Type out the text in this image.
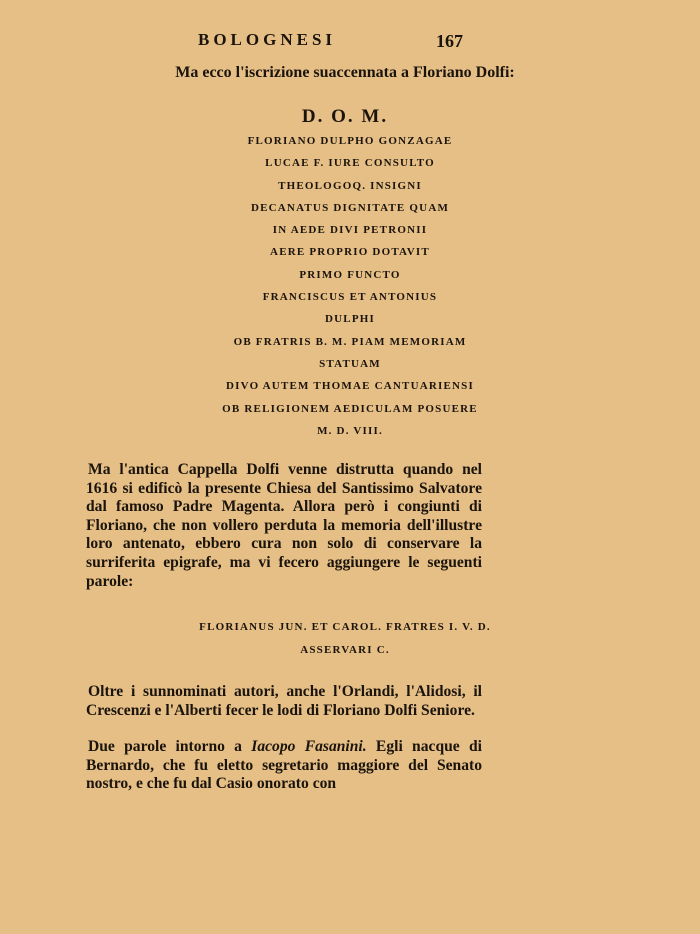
BOLOGNESI	167
Ma ecco l'iscrizione suaccennata a Floriano Dolfi:
D. O. M.
FLORIANO DULPHO GONZAGAE
LUCAE F. IURE CONSULTO
THEOLOGOQ. INSIGNI
DECANATUS DIGNITATE QUAM
IN AEDE DIVI PETRONII
AERE PROPRIO DOTAVIT
PRIMO FUNCTO
FRANCISCUS ET ANTONIUS
DULPHI
OB FRATRIS B. M. PIAM MEMORIAM
STATUAM
DIVO AUTEM THOMAE CANTUARIENSI
OB RELIGIONEM AEDICULAM POSUERE
M. D. VIII.

Ma l'antica Cappella Dolfi venne distrutta quando nel 1616 si edificò la presente Chiesa del Santissimo Salvatore dal famoso Padre Magenta. Allora però i congiunti di Floriano, che non vollero perduta la memoria dell'illustre loro antenato, ebbero cura non solo di conservare la surriferita epigrafe, ma vi fecero aggiungere le seguenti parole:

FLORIANUS JUN. ET CAROL. FRATRES I. V. D.
ASSERVARI C.

Oltre i sunnominati autori, anche l'Orlandi, l'Alidosi, il Crescenzi e l'Alberti fecer le lodi di Floriano Dolfi Seniore.

Due parole intorno a Iacopo Fasanini. Egli nacque di Bernardo, che fu eletto segretario maggiore del Senato nostro, e che fu dal Casio onorato con
